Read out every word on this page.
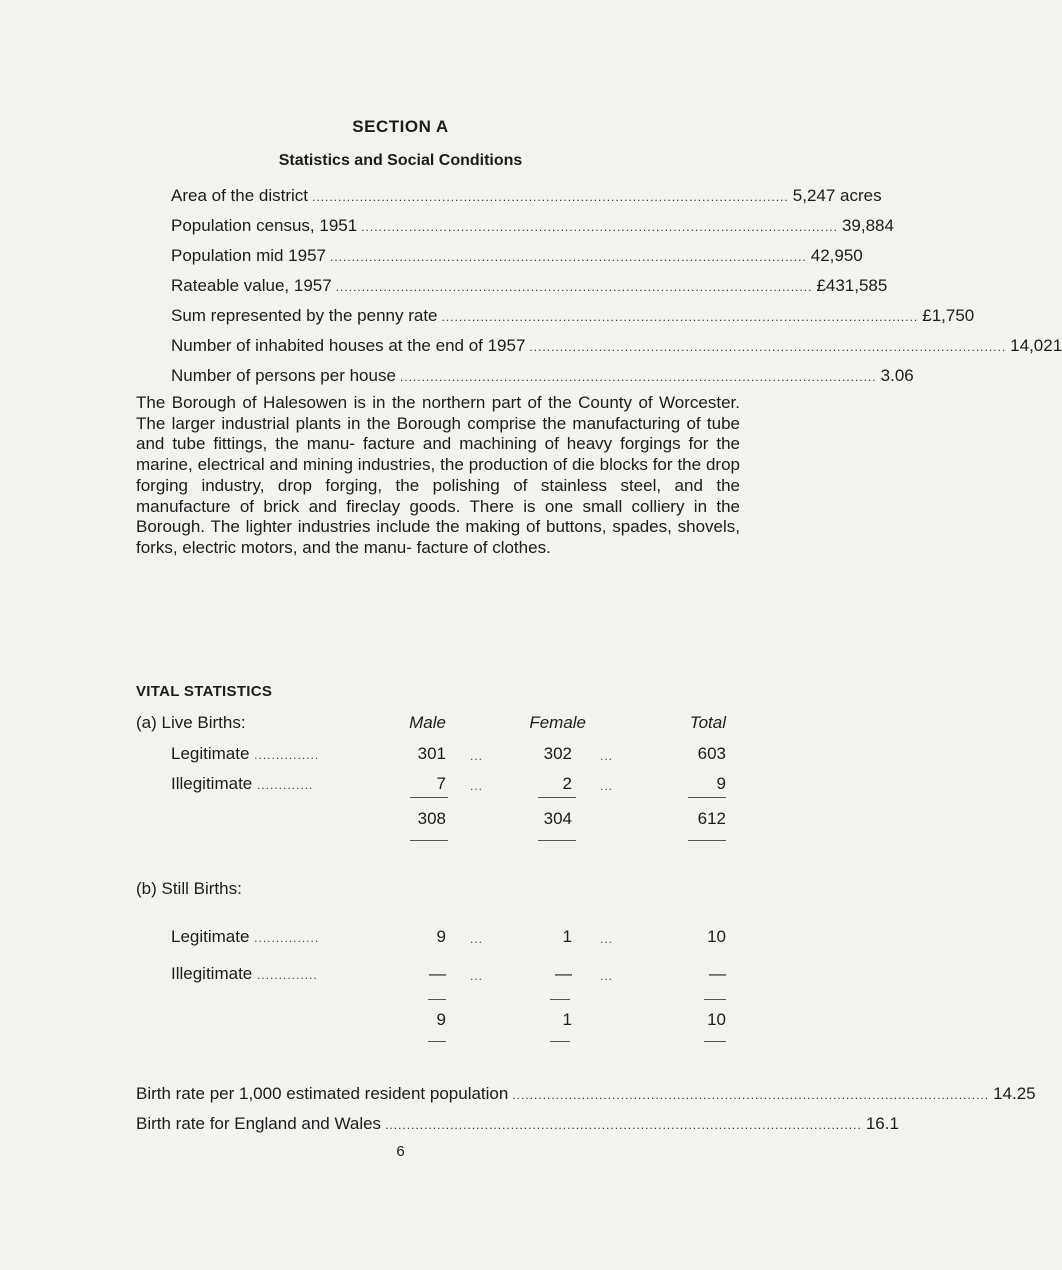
SECTION A
Statistics and Social Conditions
Area of the district .............................................................................................................. 5,247 acres
Population census, 1951 .............................................................................................................. 39,884
Population mid 1957 .............................................................................................................. 42,950
Rateable value, 1957 .............................................................................................................. £431,585
Sum represented by the penny rate .............................................................................................................. £1,750
Number of inhabited houses at the end of 1957 .............................................................................................................. 14,021
Number of persons per house .............................................................................................................. 3.06
The Borough of Halesowen is in the northern part of the County of Worcester. The larger industrial plants in the Borough comprise the manufacturing of tube and tube fittings, the manu- facture and machining of heavy forgings for the marine, electrical and mining industries, the production of die blocks for the drop forging industry, drop forging, the polishing of stainless steel, and the manufacture of brick and fireclay goods. There is one small colliery in the Borough. The lighter industries include the making of buttons, spades, shovels, forks, electric motors, and the manu- facture of clothes.
VITAL STATISTICS
(a) Live Births:	Male	Female	Total
Legitimate ...............	301 ...	302 ...	603
Illegitimate .............	7 ...	2 ...	9
308	304	612
(b) Still Births:
Legitimate ...............	9 ...	1 ...	10
Illegitimate ..............	— ...	— ...	—
9	1	10
Birth rate per 1,000 estimated resident population .............................................................................................................. 14.25
Birth rate for England and Wales .............................................................................................................. 16.1
6
